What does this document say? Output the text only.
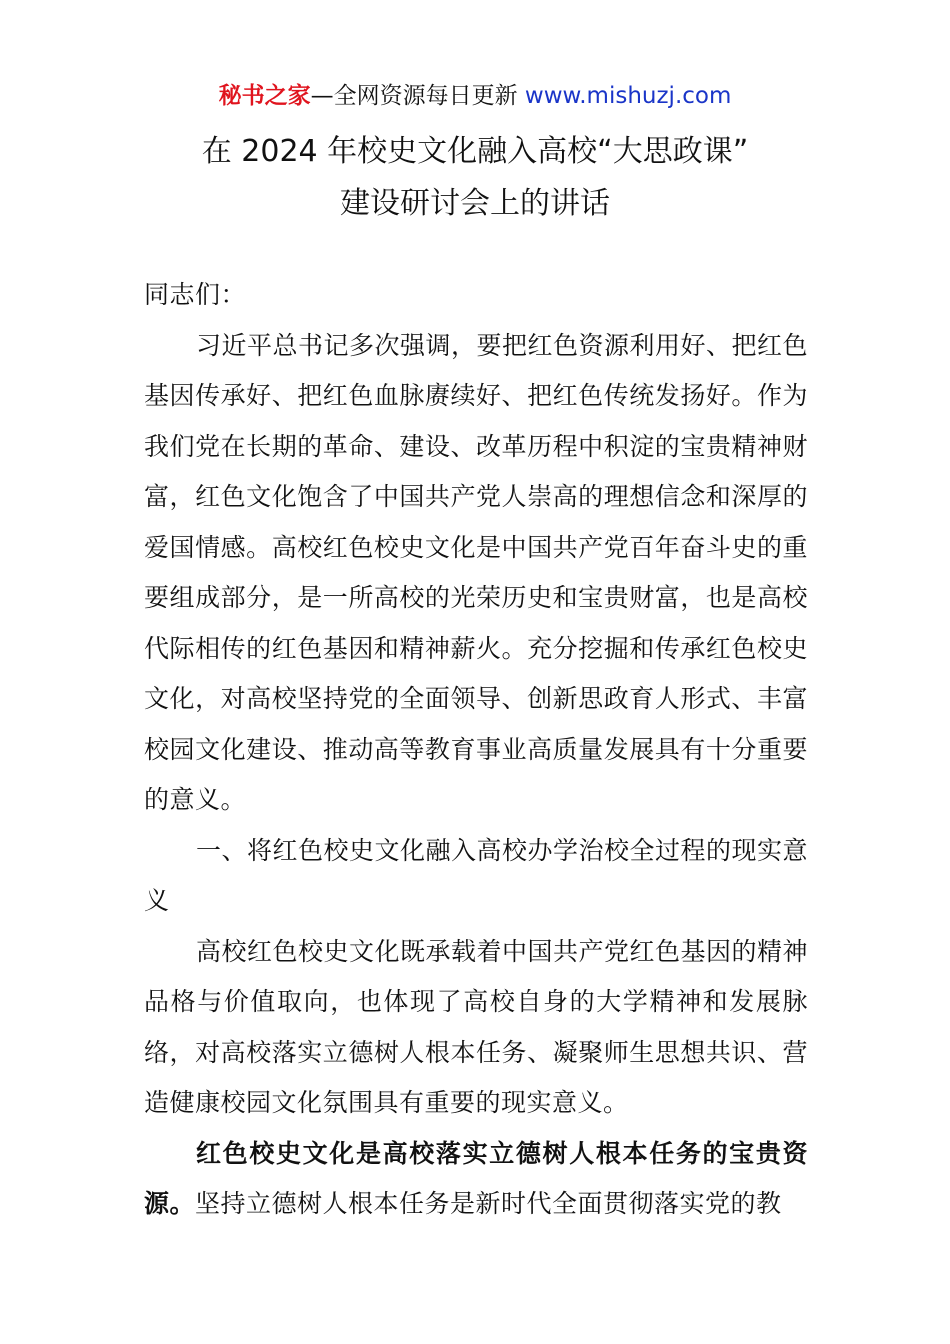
秘书之家—全网资源每日更新 www.mishuzj.com
在 2024 年校史文化融入高校“大思政课”
建设研讨会上的讲话

同志们：

习近平总书记多次强调，要把红色资源利用好、把红色基因传承好、把红色血脉赓续好、把红色传统发扬好。作为我们党在长期的革命、建设、改革历程中积淀的宝贵精神财富，红色文化饱含了中国共产党人崇高的理想信念和深厚的爱国情感。高校红色校史文化是中国共产党百年奋斗史的重要组成部分，是一所高校的光荣历史和宝贵财富，也是高校代际相传的红色基因和精神薪火。充分挖掘和传承红色校史文化，对高校坚持党的全面领导、创新思政育人形式、丰富校园文化建设、推动高等教育事业高质量发展具有十分重要的意义。

一、将红色校史文化融入高校办学治校全过程的现实意义

高校红色校史文化既承载着中国共产党红色基因的精神品格与价值取向，也体现了高校自身的大学精神和发展脉络，对高校落实立德树人根本任务、凝聚师生思想共识、营造健康校园文化氛围具有重要的现实意义。

红色校史文化是高校落实立德树人根本任务的宝贵资源。坚持立德树人根本任务是新时代全面贯彻落实党的教
